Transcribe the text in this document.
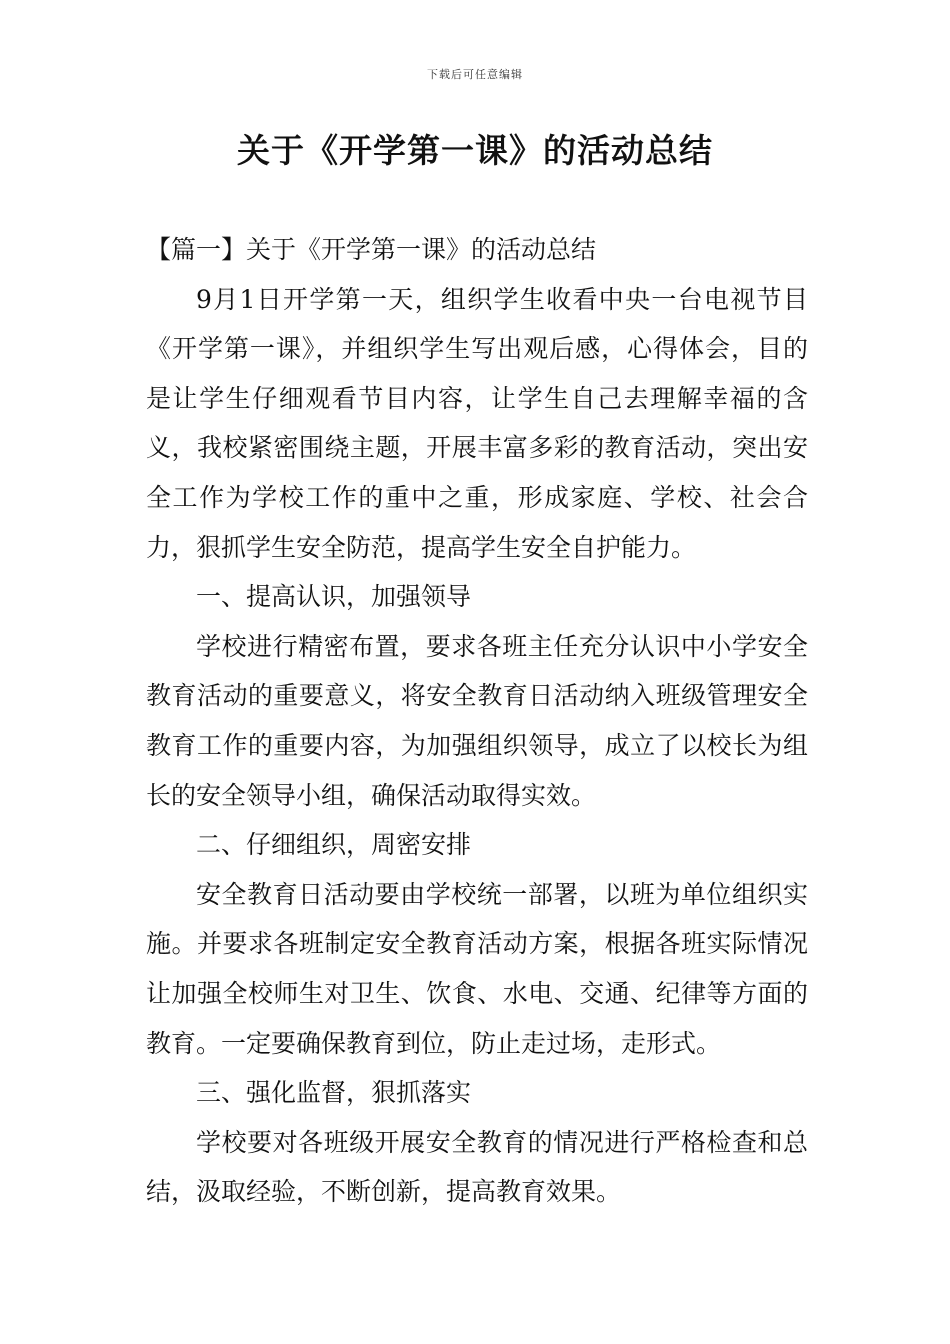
下载后可任意编辑
关于《开学第一课》的活动总结

【篇一】关于《开学第一课》的活动总结

9月1日开学第一天，组织学生收看中央一台电视节目《开学第一课》，并组织学生写出观后感，心得体会，目的是让学生仔细观看节目内容，让学生自己去理解幸福的含义，我校紧密围绕主题，开展丰富多彩的教育活动，突出安全工作为学校工作的重中之重，形成家庭、学校、社会合力，狠抓学生安全防范，提高学生安全自护能力。

一、提高认识，加强领导

学校进行精密布置，要求各班主任充分认识中小学安全教育活动的重要意义，将安全教育日活动纳入班级管理安全教育工作的重要内容，为加强组织领导，成立了以校长为组长的安全领导小组，确保活动取得实效。

二、仔细组织，周密安排

安全教育日活动要由学校统一部署，以班为单位组织实施。并要求各班制定安全教育活动方案，根据各班实际情况让加强全校师生对卫生、饮食、水电、交通、纪律等方面的教育。一定要确保教育到位，防止走过场，走形式。

三、强化监督，狠抓落实

学校要对各班级开展安全教育的情况进行严格检查和总结，汲取经验，不断创新，提高教育效果。
